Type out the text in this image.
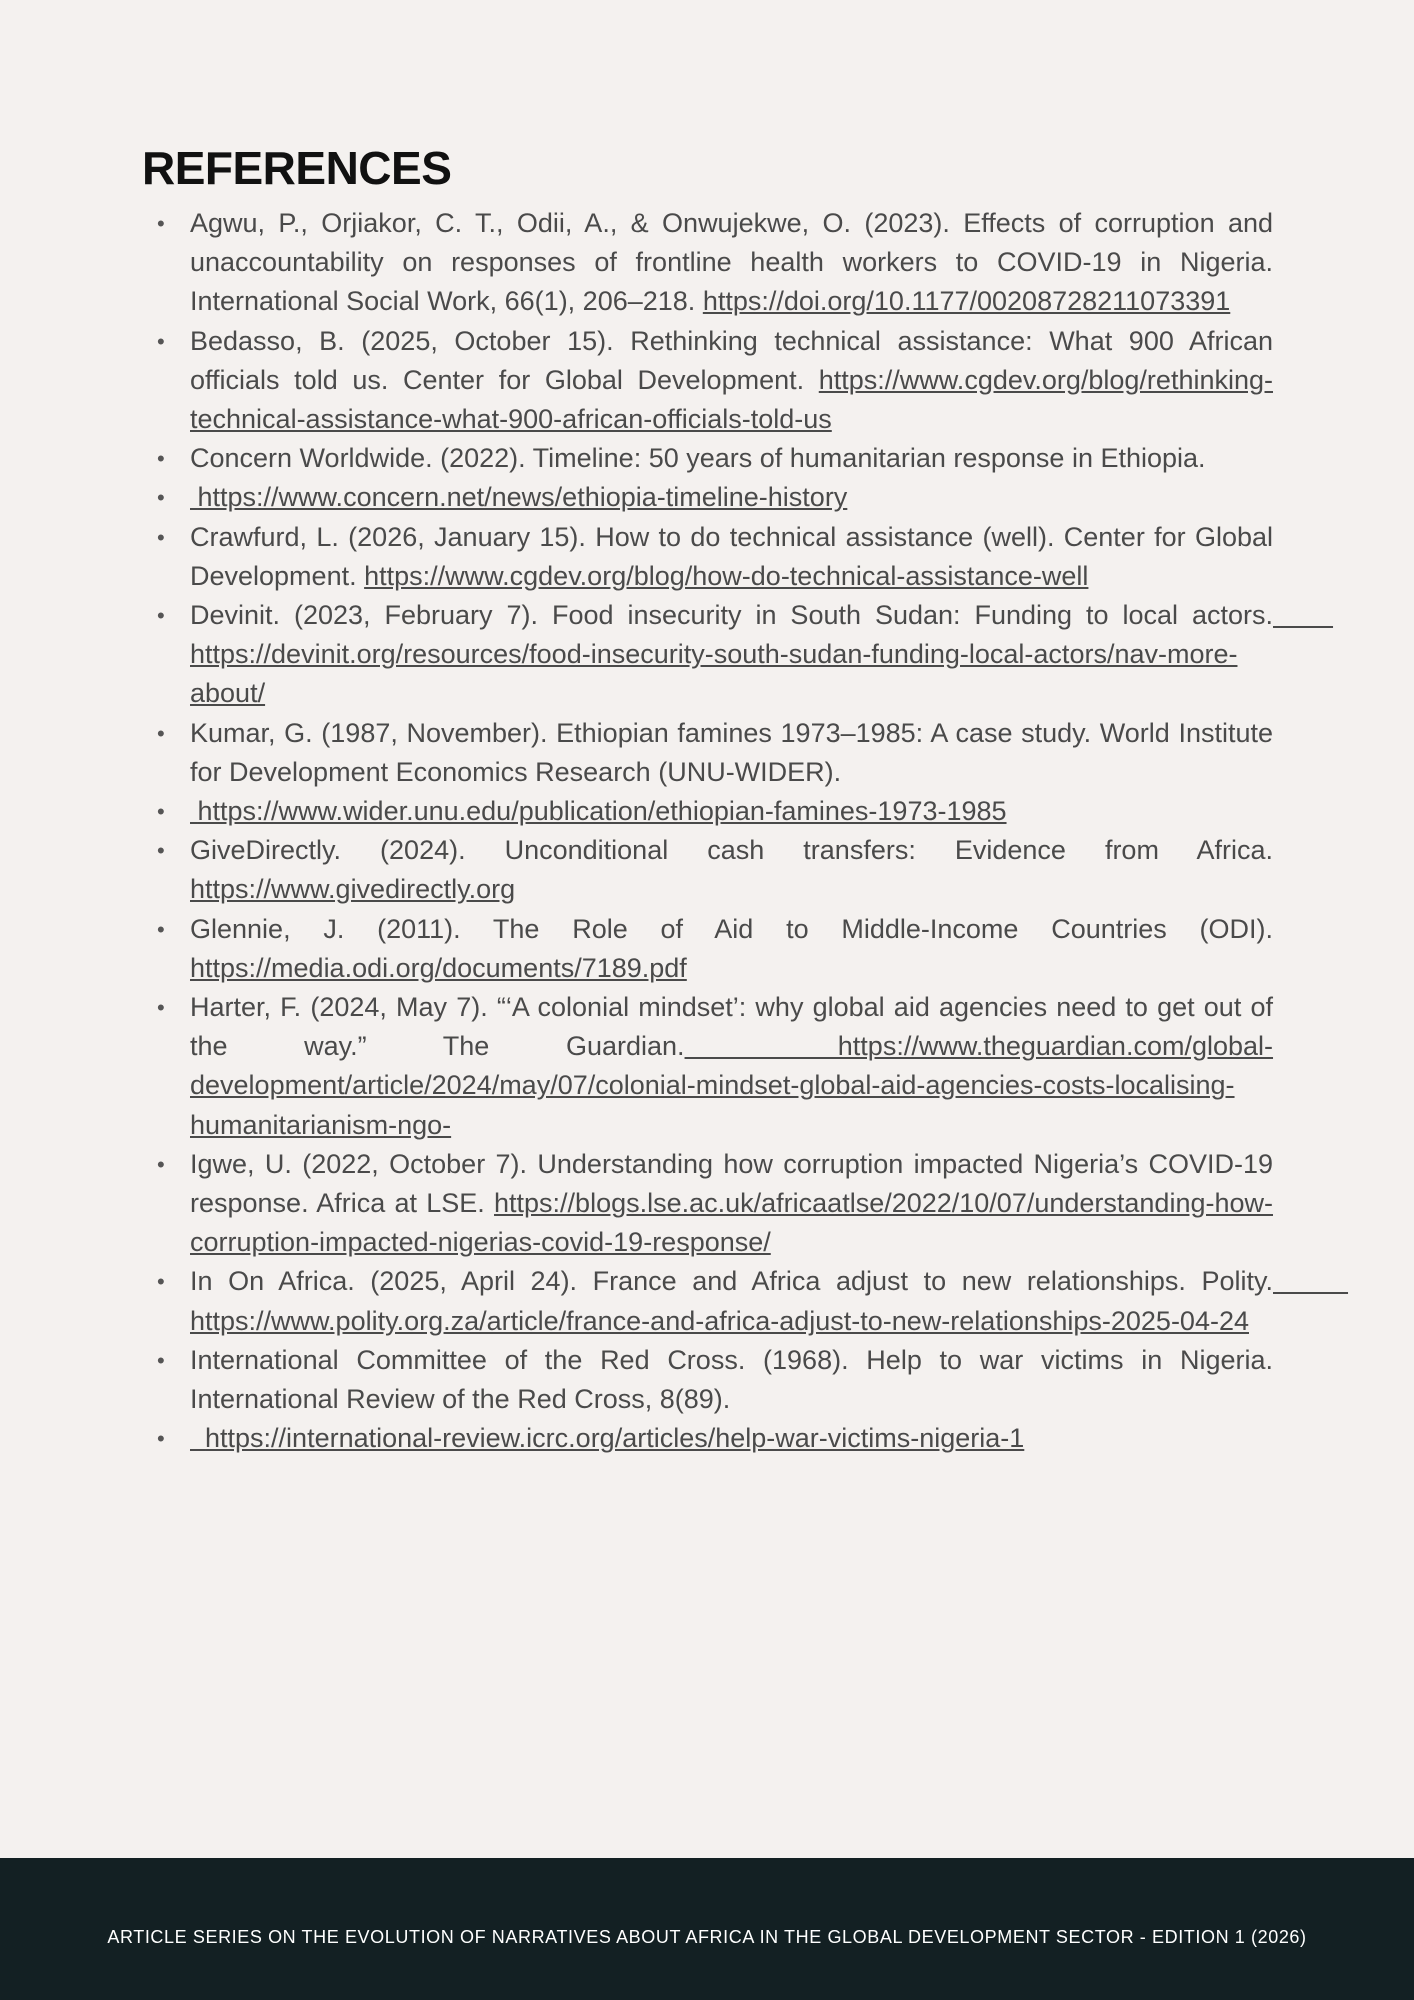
REFERENCES
• Agwu, P., Orjiakor, C. T., Odii, A., & Onwujekwe, O. (2023). Effects of corruption and unaccountability on responses of frontline health workers to COVID-19 in Nigeria. International Social Work, 66(1), 206–218. https://doi.org/10.1177/00208728211073391
• Bedasso, B. (2025, October 15). Rethinking technical assistance: What 900 African officials told us. Center for Global Development. https://www.cgdev.org/blog/rethinking-technical-assistance-what-900-african-officials-told-us
• Concern Worldwide. (2022). Timeline: 50 years of humanitarian response in Ethiopia.
• https://www.concern.net/news/ethiopia-timeline-history
• Crawfurd, L. (2026, January 15). How to do technical assistance (well). Center for Global Development. https://www.cgdev.org/blog/how-do-technical-assistance-well
• Devinit. (2023, February 7). Food insecurity in South Sudan: Funding to local actors.        https://devinit.org/resources/food-insecurity-south-sudan-funding-local-actors/nav-more-about/
• Kumar, G. (1987, November). Ethiopian famines 1973–1985: A case study. World Institute for Development Economics Research (UNU-WIDER).
• https://www.wider.unu.edu/publication/ethiopian-famines-1973-1985
• GiveDirectly. (2024). Unconditional cash transfers: Evidence from Africa. https://www.givedirectly.org
• Glennie, J. (2011). The Role of Aid to Middle-Income Countries (ODI). https://media.odi.org/documents/7189.pdf
• Harter, F. (2024, May 7). “‘A colonial mindset’: why global aid agencies need to get out of the way.” The Guardian.  https://www.theguardian.com/global-development/article/2024/may/07/colonial-mindset-global-aid-agencies-costs-localising-humanitarianism-ngo-
• Igwe, U. (2022, October 7). Understanding how corruption impacted Nigeria’s COVID-19 response. Africa at LSE. https://blogs.lse.ac.uk/africaatlse/2022/10/07/understanding-how-corruption-impacted-nigerias-covid-19-response/
• In On Africa. (2025, April 24). France and Africa adjust to new relationships. Polity.          https://www.polity.org.za/article/france-and-africa-adjust-to-new-relationships-2025-04-24
• International Committee of the Red Cross. (1968). Help to war victims in Nigeria. International Review of the Red Cross, 8(89).
• https://international-review.icrc.org/articles/help-war-victims-nigeria-1
ARTICLE SERIES ON THE EVOLUTION OF NARRATIVES ABOUT AFRICA IN THE GLOBAL DEVELOPMENT SECTOR - EDITION 1 (2026)
